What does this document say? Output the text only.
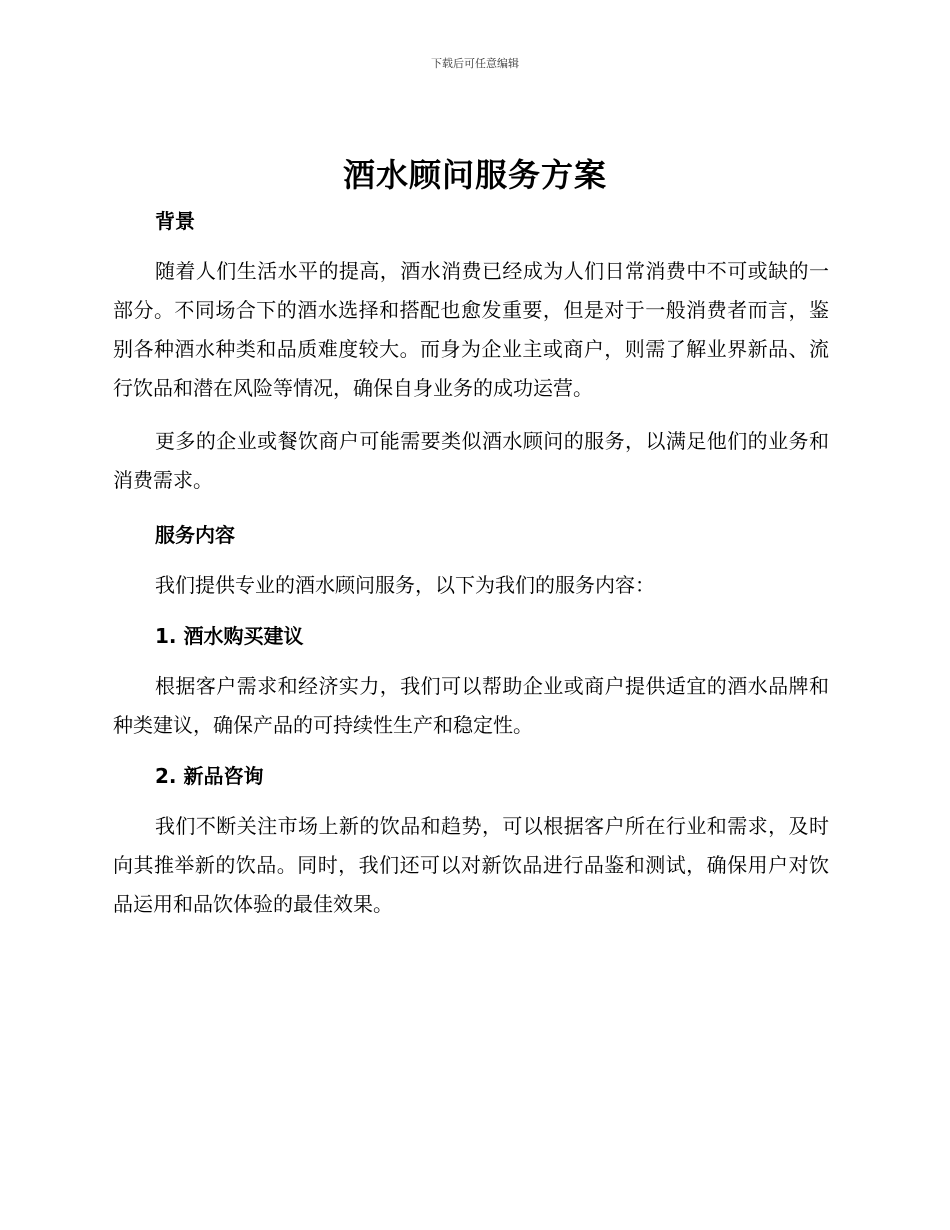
下载后可任意编辑
酒水顾问服务方案

背景

随着人们生活水平的提高，酒水消费已经成为人们日常消费中不可或缺的一部分。不同场合下的酒水选择和搭配也愈发重要，但是对于一般消费者而言，鉴别各种酒水种类和品质难度较大。而身为企业主或商户，则需了解业界新品、流行饮品和潜在风险等情况，确保自身业务的成功运营。

更多的企业或餐饮商户可能需要类似酒水顾问的服务，以满足他们的业务和消费需求。

服务内容

我们提供专业的酒水顾问服务，以下为我们的服务内容：

1. 酒水购买建议

根据客户需求和经济实力，我们可以帮助企业或商户提供适宜的酒水品牌和种类建议，确保产品的可持续性生产和稳定性。

2. 新品咨询

我们不断关注市场上新的饮品和趋势，可以根据客户所在行业和需求，及时向其推举新的饮品。同时，我们还可以对新饮品进行品鉴和测试，确保用户对饮品运用和品饮体验的最佳效果。
